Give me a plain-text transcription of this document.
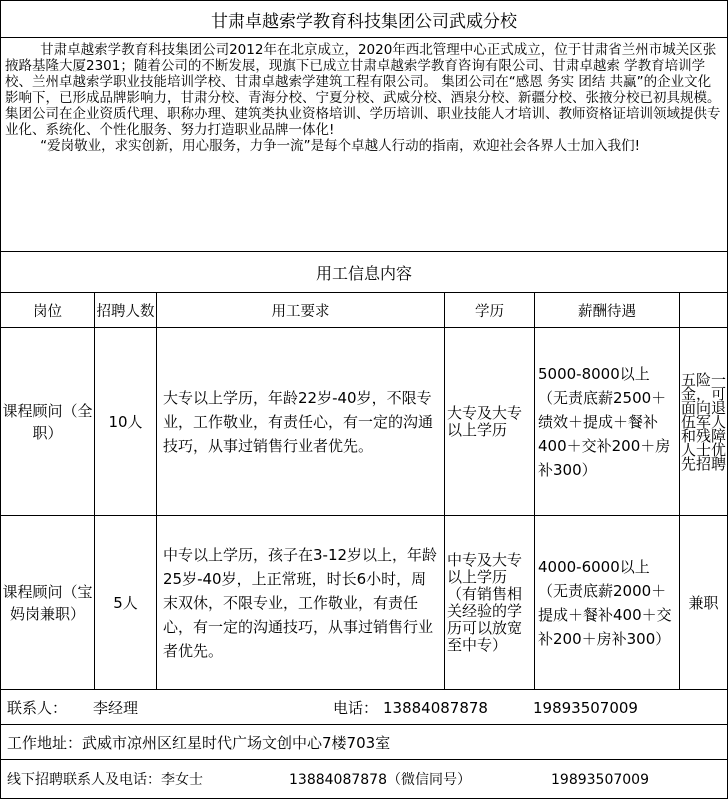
甘肃卓越索学教育科技集团公司武威分校					

甘肃卓越索学教育科技集团公司2012年在北京成立，2020年西北管理中心正式成立，位于甘肃省兰州市城关区张掖路基隆大厦2301；随着公司的不断发展，现旗下已成立甘肃卓越索学教育咨询有限公司、甘肃卓越索 学教育培训学校、兰州卓越索学职业技能培训学校、甘肃卓越索学建筑工程有限公司。 集团公司在“感恩 务实 团结 共赢”的企业文化影响下，已形成品牌影响力，甘肃分校、青海分校、宁夏分校、武威分校、酒泉分校、新疆分校、张掖分校已初具规模。集团公司在企业资质代理、职称办理、建筑类执业资格培训、学历培训、职业技能人才培训、教师资格证培训领域提供专业化、系统化、个性化服务、努力打造职业品牌一体化!

“爱岗敬业，求实创新，用心服务，力争一流”是每个卓越人行动的指南，欢迎社会各界人士加入我们!					

用工信息内容					
岗位	招聘人数	用工要求	学历	薪酬待遇	
课程顾问（全职）	10人	大专以上学历，年龄22岁-40岁，不限专业，工作敬业，有责任心，有一定的沟通技巧，从事过销售行业者优先。	大专及大专以上学历	5000-8000以上（无责底薪2500＋绩效＋提成＋餐补400＋交补200＋房补300）	五险一金，可面向退伍军人和残障人士优先招聘
课程顾问（宝妈岗兼职）	5人	中专以上学历，孩子在3-12岁以上，年龄25岁-40岁，上正常班，时长6小时，周末双休，不限专业，工作敬业，有责任心，有一定的沟通技巧，从事过销售行业者优先。	中专及大专以上学历（有销售相关经验的学历可以放宽至中专）	4000-6000以上（无责底薪2000＋提成＋餐补400＋交补200＋房补300）	兼职
联系人： 李经理 电话： 13884087878 19893507009					
工作地址：武威市凉州区红星时代广场文创中心7楼703室					
线下招聘联系人及电话：李女士 13884087878（微信同号） 19893507009					
